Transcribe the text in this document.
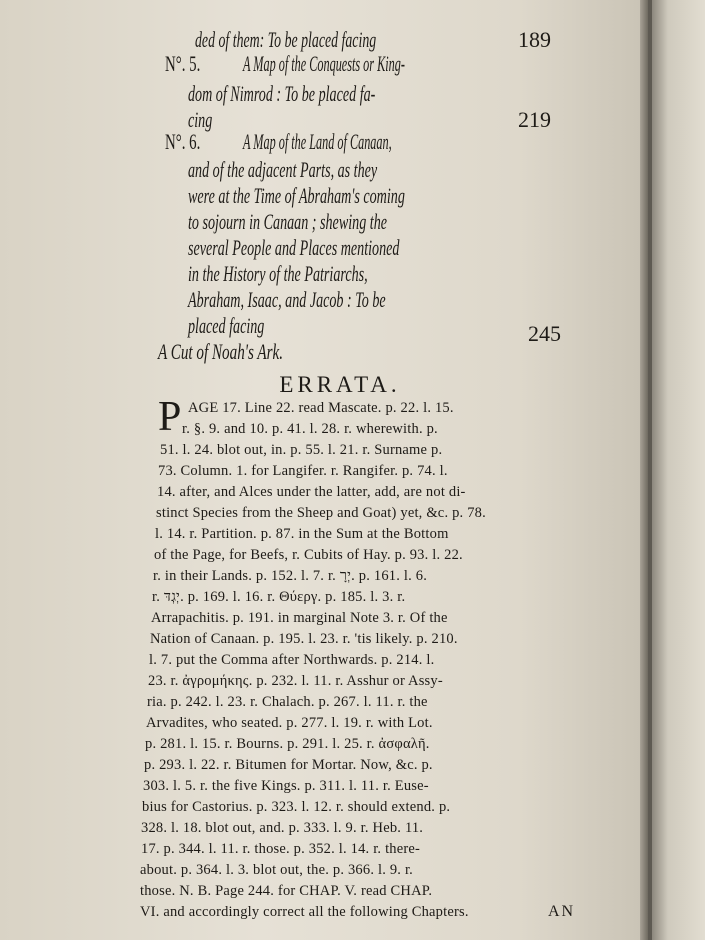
ded of them: To be placed facing	189
N°. 5.	A Map of the Conquests or King-
dom of Nimrod : To be placed fa-
cing	219
N°. 6.	A Map of the Land of Canaan,
and of the adjacent Parts, as they
were at the Time of Abraham's coming
to sojourn in Canaan ; shewing the
several People and Places mentioned
in the History of the Patriarchs,
Abraham, Isaac, and Jacob : To be
placed facing	245
A Cut of Noah's Ark.
ERRATA.
P AGE 17. Line 22. read Mascate. p. 22. l. 15.
r. §. 9. and 10. p. 41. l. 28. r. wherewith. p.
51. l. 24. blot out, in. p. 55. l. 21. r. Surname p.
73. Column. 1. for Langifer. r. Rangifer. p. 74. l.
14. after, and Alces under the latter, add, are not di-
stinct Species from the Sheep and Goat) yet, &c. p. 78.
l. 14. r. Partition. p. 87. in the Sum at the Bottom
of the Page, for Beefs, r. Cubits of Hay. p. 93. l. 22.
r. in their Lands. p. 152. l. 7. r. יְרָ. p. 161. l. 6.
r. יְגְדּ. p. 169. l. 16. r. Θύεργ. p. 185. l. 3. r.
Arrapachitis. p. 191. in marginal Note 3. r. Of the
Nation of Canaan. p. 195. l. 23. r. 'tis likely. p. 210.
l. 7. put the Comma after Northwards. p. 214. l.
23. r. ἀγρομήκης. p. 232. l. 11. r. Asshur or Assy-
ria. p. 242. l. 23. r. Chalach. p. 267. l. 11. r. the
Arvadites, who seated. p. 277. l. 19. r. with Lot.
p. 281. l. 15. r. Bourns. p. 291. l. 25. r. ἀσφαλῆ.
p. 293. l. 22. r. Bitumen for Mortar. Now, &c. p.
303. l. 5. r. the five Kings. p. 311. l. 11. r. Euse-
bius for Castorius. p. 323. l. 12. r. should extend. p.
328. l. 18. blot out, and. p. 333. l. 9. r. Heb. 11.
17. p. 344. l. 11. r. those. p. 352. l. 14. r. there-
about. p. 364. l. 3. blot out, the. p. 366. l. 9. r.
those. N. B. Page 244. for CHAP. V. read CHAP.
VI. and accordingly correct all the following Chapters.	AN
